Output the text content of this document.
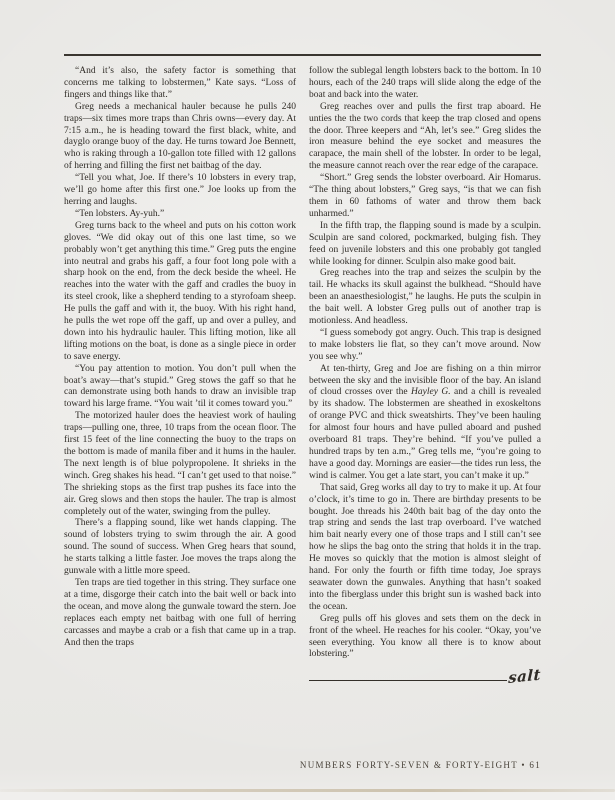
“And it’s also, the safety factor is something that concerns me talking to lobstermen,” Kate says. “Loss of fingers and things like that.”

Greg needs a mechanical hauler because he pulls 240 traps—six times more traps than Chris owns—every day. At 7:15 a.m., he is heading toward the first black, white, and dayglo orange buoy of the day. He turns toward Joe Bennett, who is raking through a 10-gallon tote filled with 12 gallons of herring and filling the first net baitbag of the day.

“Tell you what, Joe. If there’s 10 lobsters in every trap, we’ll go home after this first one.” Joe looks up from the herring and laughs.

“Ten lobsters. Ay-yuh.”

Greg turns back to the wheel and puts on his cotton work gloves. “We did okay out of this one last time, so we probably won’t get anything this time.” Greg puts the engine into neutral and grabs his gaff, a four foot long pole with a sharp hook on the end, from the deck beside the wheel. He reaches into the water with the gaff and cradles the buoy in its steel crook, like a shepherd tending to a styrofoam sheep. He pulls the gaff and with it, the buoy. With his right hand, he pulls the wet rope off the gaff, up and over a pulley, and down into his hydraulic hauler. This lifting motion, like all lifting motions on the boat, is done as a single piece in order to save energy.

“You pay attention to motion. You don’t pull when the boat’s away—that’s stupid.” Greg stows the gaff so that he can demonstrate using both hands to draw an invisible trap toward his large frame. “You wait ’til it comes toward you.”

The motorized hauler does the heaviest work of hauling traps—pulling one, three, 10 traps from the ocean floor. The first 15 feet of the line connecting the buoy to the traps on the bottom is made of manila fiber and it hums in the hauler. The next length is of blue polypropolene. It shrieks in the winch. Greg shakes his head. “I can’t get used to that noise.” The shrieking stops as the first trap pushes its face into the air. Greg slows and then stops the hauler. The trap is almost completely out of the water, swinging from the pulley.

There’s a flapping sound, like wet hands clapping. The sound of lobsters trying to swim through the air. A good sound. The sound of success. When Greg hears that sound, he starts talking a little faster. Joe moves the traps along the gunwale with a little more speed.

Ten traps are tied together in this string. They surface one at a time, disgorge their catch into the bait well or back into the ocean, and move along the gunwale toward the stern. Joe replaces each empty net baitbag with one full of herring carcasses and maybe a crab or a fish that came up in a trap. And then the traps

follow the sublegal length lobsters back to the bottom. In 10 hours, each of the 240 traps will slide along the edge of the boat and back into the water.

Greg reaches over and pulls the first trap aboard. He unties the the two cords that keep the trap closed and opens the door. Three keepers and “Ah, let’s see.” Greg slides the iron measure behind the eye socket and measures the carapace, the main shell of the lobster. In order to be legal, the measure cannot reach over the rear edge of the carapace.

“Short.” Greg sends the lobster overboard. Air Homarus. “The thing about lobsters,” Greg says, “is that we can fish them in 60 fathoms of water and throw them back unharmed.”

In the fifth trap, the flapping sound is made by a sculpin. Sculpin are sand colored, pockmarked, bulging fish. They feed on juvenile lobsters and this one probably got tangled while looking for dinner. Sculpin also make good bait.

Greg reaches into the trap and seizes the sculpin by the tail. He whacks its skull against the bulkhead. “Should have been an anaesthesiologist,” he laughs. He puts the sculpin in the bait well. A lobster Greg pulls out of another trap is motionless. And headless.

“I guess somebody got angry. Ouch. This trap is designed to make lobsters lie flat, so they can’t move around. Now you see why.”

At ten-thirty, Greg and Joe are fishing on a thin mirror between the sky and the invisible floor of the bay. An island of cloud crosses over the Hayley G. and a chill is revealed by its shadow. The lobstermen are sheathed in exoskeltons of orange PVC and thick sweatshirts. They’ve been hauling for almost four hours and have pulled aboard and pushed overboard 81 traps. They’re behind. “If you’ve pulled a hundred traps by ten a.m.,” Greg tells me, “you’re going to have a good day. Mornings are easier—the tides run less, the wind is calmer. You get a late start, you can’t make it up.”

That said, Greg works all day to try to make it up. At four o’clock, it’s time to go in. There are birthday presents to be bought. Joe threads his 240th bait bag of the day onto the trap string and sends the last trap overboard. I’ve watched him bait nearly every one of those traps and I still can’t see how he slips the bag onto the string that holds it in the trap. He moves so quickly that the motion is almost sleight of hand. For only the fourth or fifth time today, Joe sprays seawater down the gunwales. Anything that hasn’t soaked into the fiberglass under this bright sun is washed back into the ocean.

Greg pulls off his gloves and sets them on the deck in front of the wheel. He reaches for his cooler. “Okay, you’ve seen everything. You know all there is to know about lobstering.”

salt
NUMBERS FORTY-SEVEN & FORTY-EIGHT • 61
